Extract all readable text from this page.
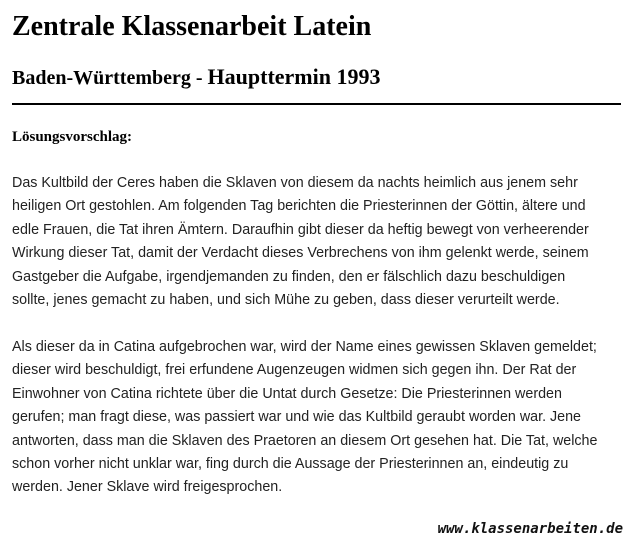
Zentrale Klassenarbeit Latein
Baden-Württemberg - Haupttermin 1993

Lösungsvorschlag:

Das Kultbild der Ceres haben die Sklaven von diesem da nachts heimlich aus jenem sehr
heiligen Ort gestohlen. Am folgenden Tag berichten die Priesterinnen der Göttin, ältere und
edle Frauen, die Tat ihren Ämtern. Daraufhin gibt dieser da heftig bewegt von verheerender
Wirkung dieser Tat, damit der Verdacht dieses Verbrechens von ihm gelenkt werde, seinem
Gastgeber die Aufgabe, irgendjemanden zu finden, den er fälschlich dazu beschuldigen
sollte, jenes gemacht zu haben, und sich Mühe zu geben, dass dieser verurteilt werde.

Als dieser da in Catina aufgebrochen war, wird der Name eines gewissen Sklaven gemeldet;
dieser wird beschuldigt, frei erfundene Augenzeugen widmen sich gegen ihn. Der Rat der
Einwohner von Catina richtete über die Untat durch Gesetze: Die Priesterinnen werden
gerufen; man fragt diese, was passiert war und wie das Kultbild geraubt worden war. Jene
antworten, dass man die Sklaven des Praetoren an diesem Ort gesehen hat. Die Tat, welche
schon vorher nicht unklar war, fing durch die Aussage der Priesterinnen an, eindeutig zu
werden. Jener Sklave wird freigesprochen.

www.klassenarbeiten.de
